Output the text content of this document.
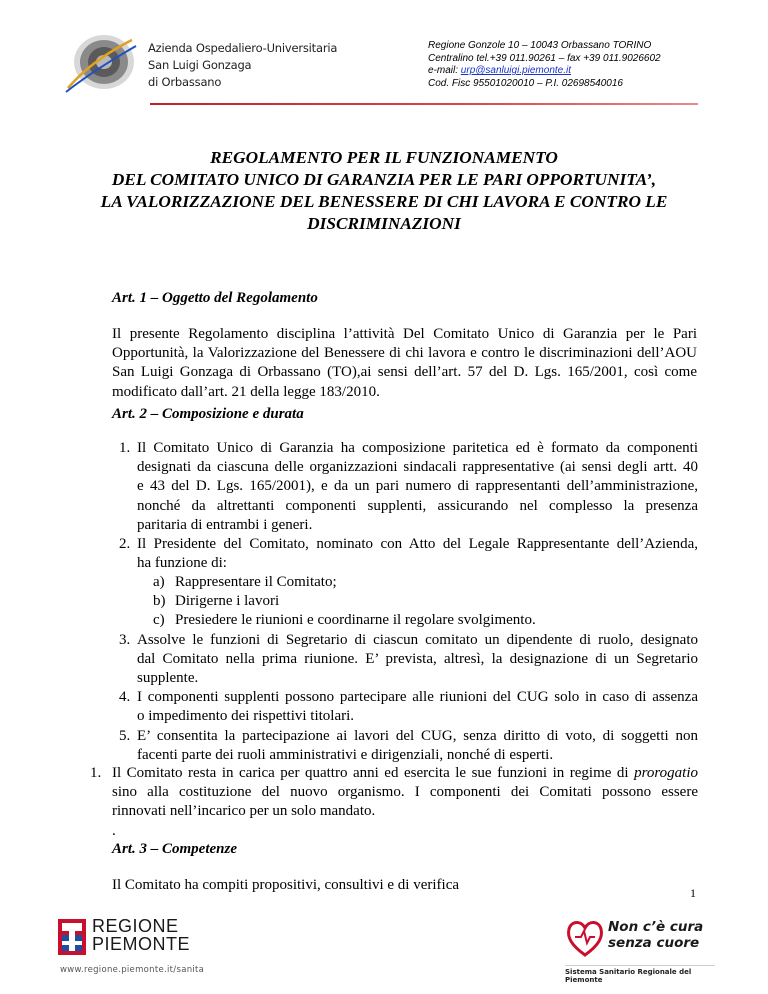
Azienda Ospedaliero-Universitaria
San Luigi Gonzaga
di Orbassano
Regione Gonzole 10 – 10043 Orbassano TORINO
Centralino tel.+39 011.90261 – fax +39 011.9026602
e-mail: urp@sanluigi.piemonte.it
Cod. Fisc 95501020010 – P.I. 02698540016
REGOLAMENTO PER IL FUNZIONAMENTO
DEL COMITATO UNICO DI GARANZIA PER LE PARI OPPORTUNITA’,
LA VALORIZZAZIONE DEL BENESSERE DI CHI LAVORA E CONTRO LE
DISCRIMINAZIONI
Art. 1 – Oggetto del Regolamento
Il presente Regolamento disciplina l’attività Del Comitato Unico di Garanzia per le Pari
Opportunità, la Valorizzazione del Benessere di chi lavora e contro le discriminazioni dell’AOU
San Luigi Gonzaga di Orbassano (TO),ai sensi dell’art. 57 del D. Lgs. 165/2001, così come
modificato dall’art. 21 della legge 183/2010.
Art. 2 – Composizione e durata
1. Il Comitato Unico di Garanzia ha composizione paritetica ed è formato da componenti
designati da ciascuna delle organizzazioni sindacali rappresentative (ai sensi degli artt. 40
e 43 del D. Lgs. 165/2001), e da un pari numero di rappresentanti dell’amministrazione,
nonché da altrettanti componenti supplenti, assicurando nel complesso la presenza
paritaria di entrambi i generi.
2. Il Presidente del Comitato, nominato con Atto del Legale Rappresentante dell’Azienda,
ha funzione di:
a) Rappresentare il Comitato;
b) Dirigerne i lavori
c) Presiedere le riunioni e coordinarne il regolare svolgimento.
3. Assolve le funzioni di Segretario di ciascun comitato un dipendente di ruolo, designato
dal Comitato nella prima riunione. E’ prevista, altresì, la designazione di un Segretario
supplente.
4. I componenti supplenti possono partecipare alle riunioni del CUG solo in caso di assenza
o impedimento dei rispettivi titolari.
5. E’ consentita la partecipazione ai lavori del CUG, senza diritto di voto, di soggetti non
facenti parte dei ruoli amministrativi e dirigenziali, nonché di esperti.
1. Il Comitato resta in carica per quattro anni ed esercita le sue funzioni in regime di prorogatio
sino alla costituzione del nuovo organismo. I componenti dei Comitati possono essere
rinnovati nell’incarico per un solo mandato.
.
Art. 3 – Competenze
Il Comitato ha compiti propositivi, consultivi e di verifica	1
REGIONE
PIEMONTE
www.regione.piemonte.it/sanita
Non c’è cura
senza cuore
Sistema Sanitario Regionale del Piemonte
